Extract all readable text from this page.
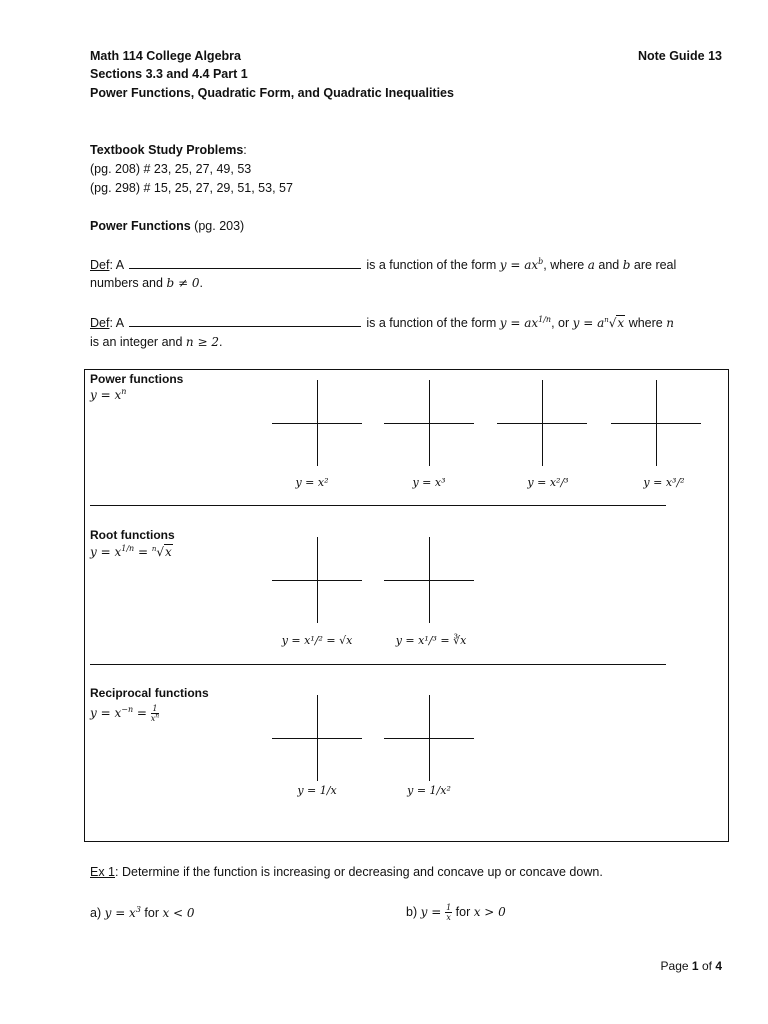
Math 114 College Algebra
Sections 3.3 and 4.4 Part 1
Power Functions, Quadratic Form, and Quadratic Inequalities
Note Guide 13
Textbook Study Problems:
(pg. 208) # 23, 25, 27, 49, 53
(pg. 298) # 15, 25, 27, 29, 51, 53, 57
Power Functions (pg. 203)
Def: A	is a function of the form $y = ax^b$, where a and b are real
numbers and b ≠ 0.
Def: A	is a function of the form $y = ax^{1/n}$, or $y = a^n√x$ where n
is an integer and n ≥ 2.
Power functions
$y = x^n$
y = x²	y = x³	y = x²/³	y = x³/²
Root functions
$y = x^{1/n} = ^n√x$
y = x¹/² = √x	y = x¹/³ = ∛x
Reciprocal functions
$y = x^{-n} = \frac{1}{x^n}$
y = 1/x	y = 1/x²
Ex 1: Determine if the function is increasing or decreasing and concave up or concave down.
a) $y = x^3$ for x < 0	b) $y = \frac{1}{x}$ for x > 0
Page 1 of 4
